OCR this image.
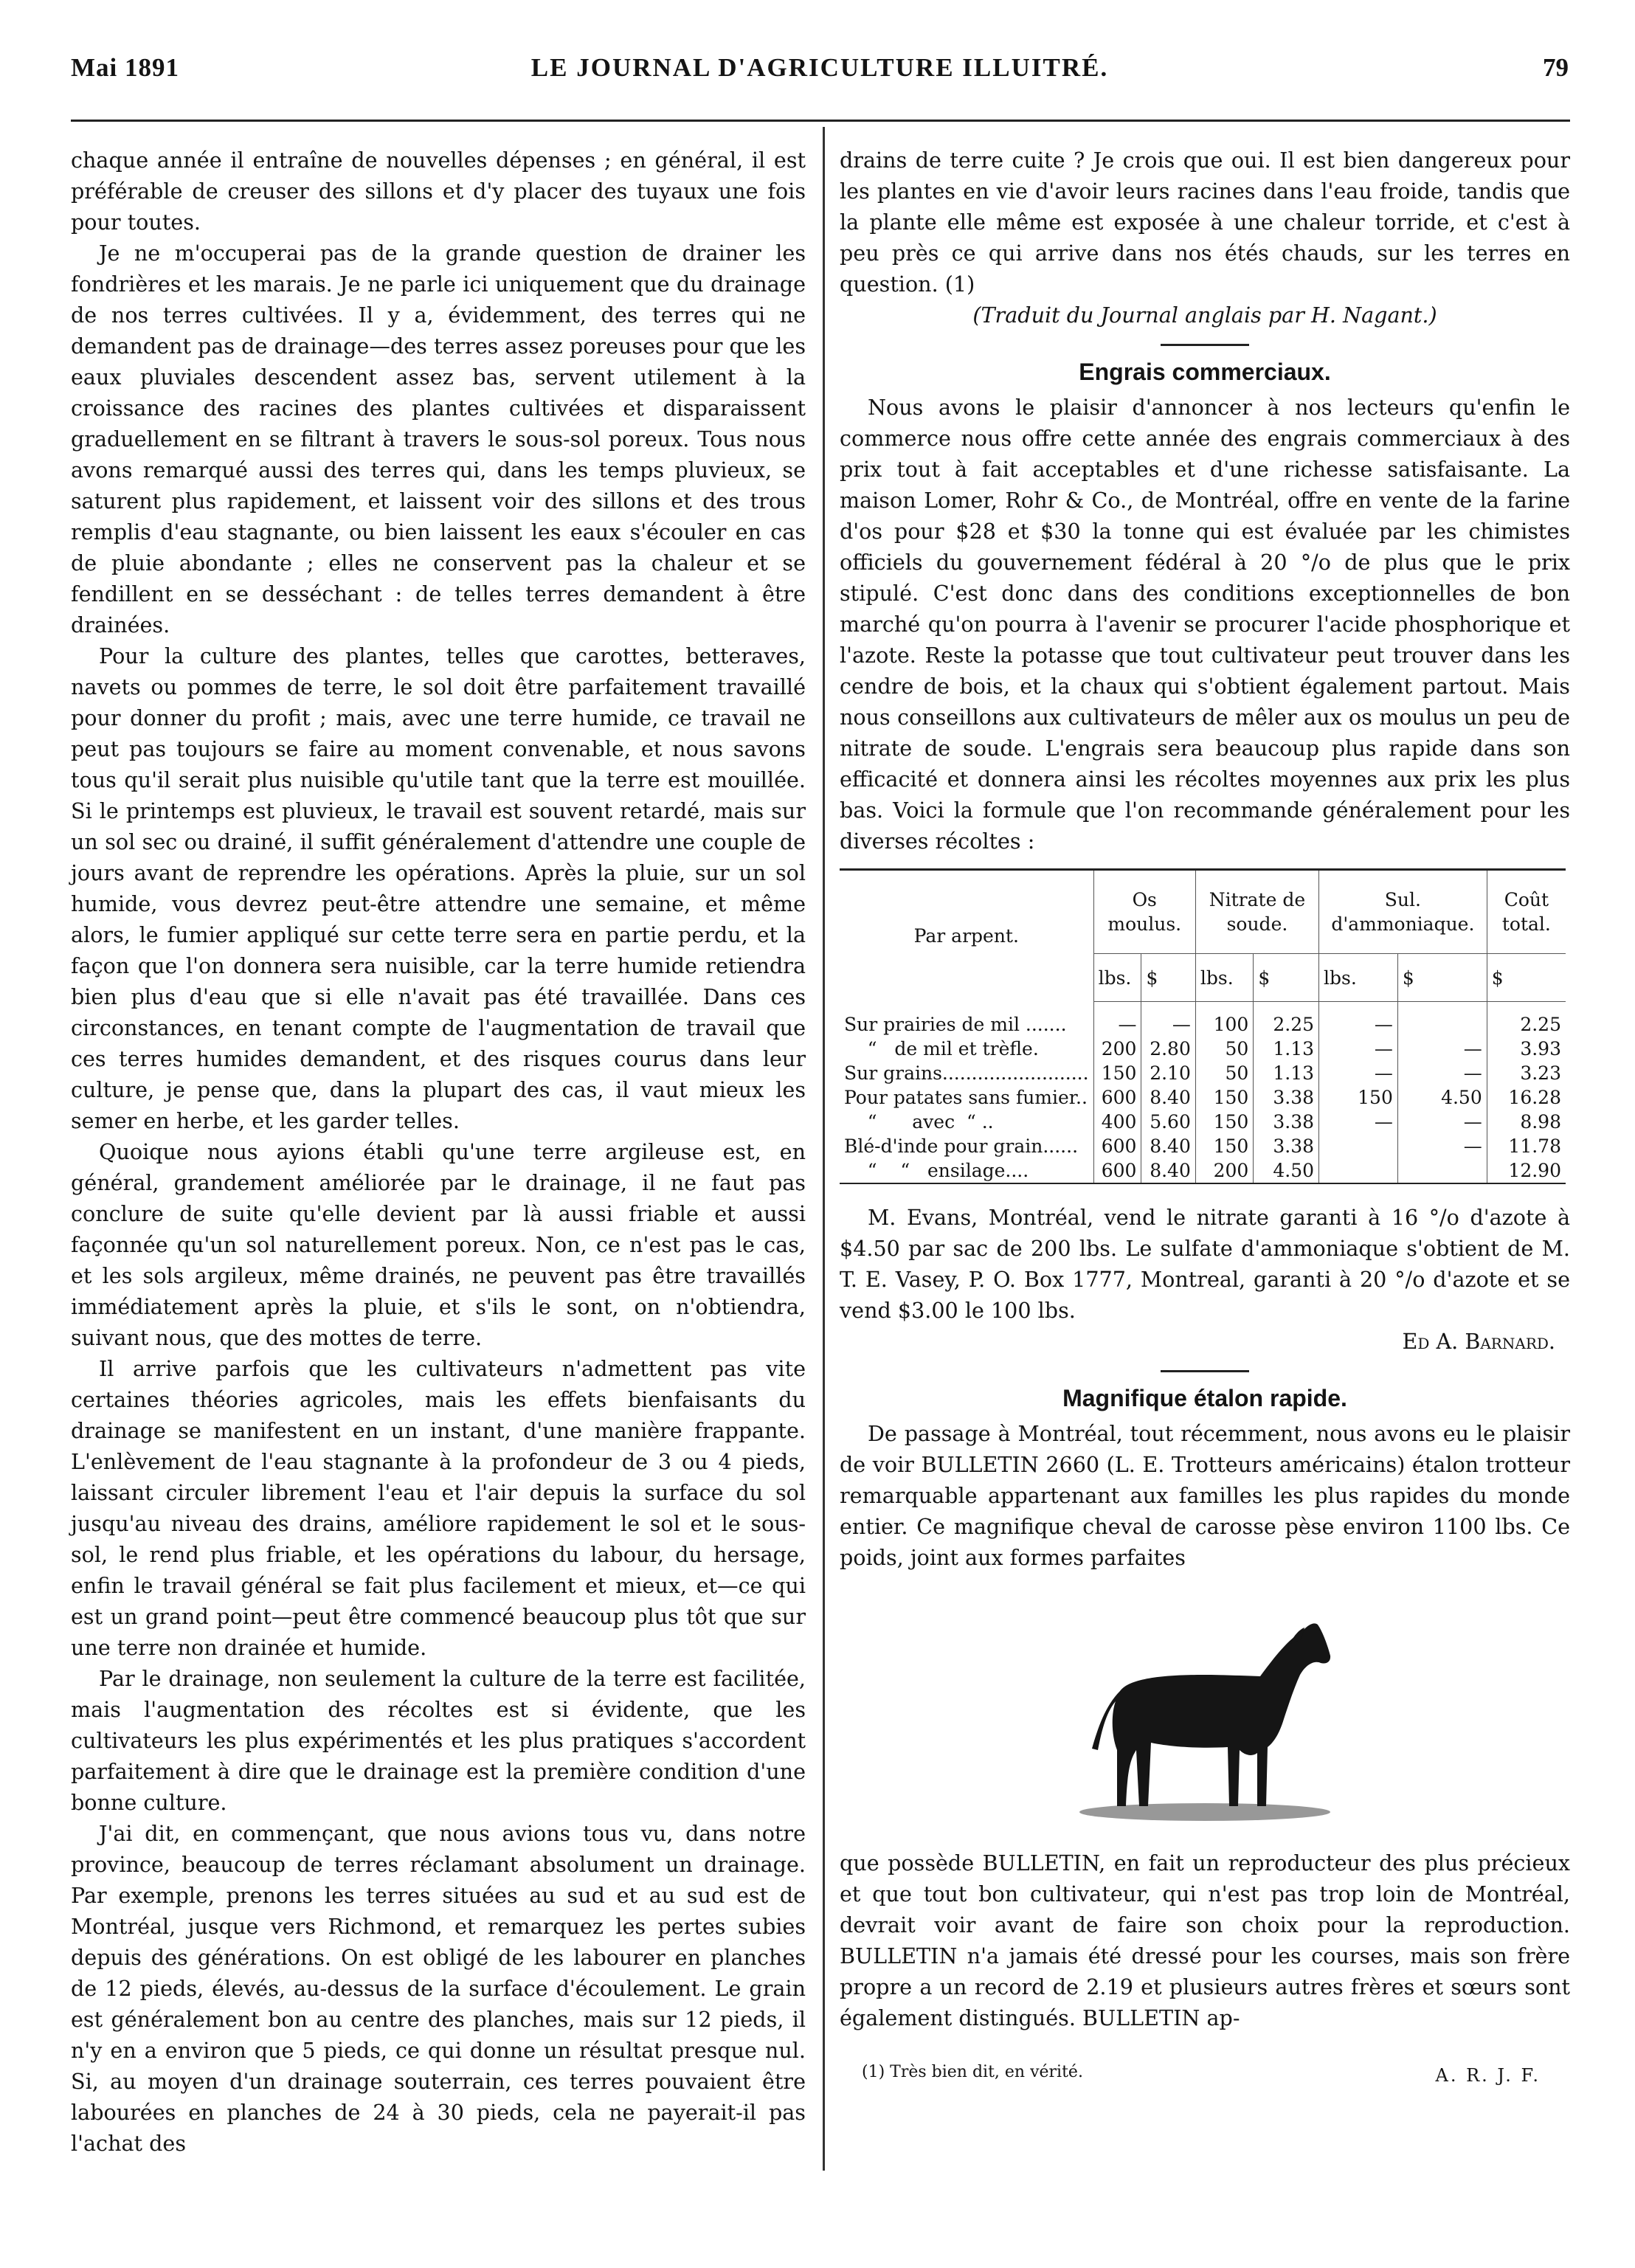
Mai 1891	LE JOURNAL D'AGRICULTURE ILLUITRÉ.	79

chaque année il entraîne de nouvelles dépenses ; en général, il est préférable de creuser des sillons et d'y placer des tuyaux une fois pour toutes.

Je ne m'occuperai pas de la grande question de drainer les fondrières et les marais. Je ne parle ici uniquement que du drainage de nos terres cultivées. Il y a, évidemment, des terres qui ne demandent pas de drainage—des terres assez poreuses pour que les eaux pluviales descendent assez bas, servent utilement à la croissance des racines des plantes cultivées et disparaissent graduellement en se filtrant à travers le sous-sol poreux. Tous nous avons remarqué aussi des terres qui, dans les temps pluvieux, se saturent plus rapidement, et laissent voir des sillons et des trous remplis d'eau stagnante, ou bien laissent les eaux s'écouler en cas de pluie abondante ; elles ne conservent pas la chaleur et se fendillent en se desséchant : de telles terres demandent à être drainées.

Pour la culture des plantes, telles que carottes, betteraves, navets ou pommes de terre, le sol doit être parfaitement travaillé pour donner du profit ; mais, avec une terre humide, ce travail ne peut pas toujours se faire au moment convenable, et nous savons tous qu'il serait plus nuisible qu'utile tant que la terre est mouillée. Si le printemps est pluvieux, le travail est souvent retardé, mais sur un sol sec ou drainé, il suffit généralement d'attendre une couple de jours avant de reprendre les opérations. Après la pluie, sur un sol humide, vous devrez peut-être attendre une semaine, et même alors, le fumier appliqué sur cette terre sera en partie perdu, et la façon que l'on donnera sera nuisible, car la terre humide retiendra bien plus d'eau que si elle n'avait pas été travaillée. Dans ces circonstances, en tenant compte de l'augmentation de travail que ces terres humides demandent, et des risques courus dans leur culture, je pense que, dans la plupart des cas, il vaut mieux les semer en herbe, et les garder telles.

Quoique nous ayions établi qu'une terre argileuse est, en général, grandement améliorée par le drainage, il ne faut pas conclure de suite qu'elle devient par là aussi friable et aussi façonnée qu'un sol naturellement poreux. Non, ce n'est pas le cas, et les sols argileux, même drainés, ne peuvent pas être travaillés immédiatement après la pluie, et s'ils le sont, on n'obtiendra, suivant nous, que des mottes de terre.

Il arrive parfois que les cultivateurs n'admettent pas vite certaines théories agricoles, mais les effets bienfaisants du drainage se manifestent en un instant, d'une manière frappante. L'enlèvement de l'eau stagnante à la profondeur de 3 ou 4 pieds, laissant circuler librement l'eau et l'air depuis la surface du sol jusqu'au niveau des drains, améliore rapidement le sol et le sous-sol, le rend plus friable, et les opérations du labour, du hersage, enfin le travail général se fait plus facilement et mieux, et—ce qui est un grand point—peut être commencé beaucoup plus tôt que sur une terre non drainée et humide.

Par le drainage, non seulement la culture de la terre est facilitée, mais l'augmentation des récoltes est si évidente, que les cultivateurs les plus expérimentés et les plus pratiques s'accordent parfaitement à dire que le drainage est la première condition d'une bonne culture.

J'ai dit, en commençant, que nous avions tous vu, dans notre province, beaucoup de terres réclamant absolument un drainage. Par exemple, prenons les terres situées au sud et au sud est de Montréal, jusque vers Richmond, et remarquez les pertes subies depuis des générations. On est obligé de les labourer en planches de 12 pieds, élevés, au-dessus de la surface d'écoulement. Le grain est généralement bon au centre des planches, mais sur 12 pieds, il n'y en a environ que 5 pieds, ce qui donne un résultat presque nul. Si, au moyen d'un drainage souterrain, ces terres pouvaient être labourées en planches de 24 à 30 pieds, cela ne payerait-il pas l'achat des

drains de terre cuite ? Je crois que oui. Il est bien dangereux pour les plantes en vie d'avoir leurs racines dans l'eau froide, tandis que la plante elle même est exposée à une chaleur torride, et c'est à peu près ce qui arrive dans nos étés chauds, sur les terres en question. (1)

(Traduit du Journal anglais par H. Nagant.)

Engrais commerciaux.

Nous avons le plaisir d'annoncer à nos lecteurs qu'enfin le commerce nous offre cette année des engrais commerciaux à des prix tout à fait acceptables et d'une richesse satisfaisante. La maison Lomer, Rohr & Co., de Montréal, offre en vente de la farine d'os pour $28 et $30 la tonne qui est évaluée par les chimistes officiels du gouvernement fédéral à 20 °/o de plus que le prix stipulé. C'est donc dans des conditions exceptionnelles de bon marché qu'on pourra à l'avenir se procurer l'acide phosphorique et l'azote. Reste la potasse que tout cultivateur peut trouver dans les cendre de bois, et la chaux qui s'obtient également partout. Mais nous conseillons aux cultivateurs de mêler aux os moulus un peu de nitrate de soude. L'engrais sera beaucoup plus rapide dans son efficacité et donnera ainsi les récoltes moyennes aux prix les plus bas. Voici la formule que l'on recommande généralement pour les diverses récoltes :

Par arpent.	Os moulus.		Nitrate de soude.		Sul. d'ammoniaque.		Coût total.
	lbs.	$	lbs.	$	lbs.	$	$
Sur prairies de mil .......	—	—	100	2.25	—		2.25
“   de mil et trèfle.	200	2.80	50	1.13	—	—	3.93
Sur grains.........................	150	2.10	50	1.13	—	—	3.23
Pour patates sans fumier..	600	8.40	150	3.38	150	4.50	16.28
“      avec  “ ..	400	5.60	150	3.38	—	—	8.98
Blé-d'inde pour grain......	600	8.40	150	3.38		—	11.78
“    “   ensilage....	600	8.40	200	4.50			12.90

M. Evans, Montréal, vend le nitrate garanti à 16 °/o d'azote à $4.50 par sac de 200 lbs. Le sulfate d'ammoniaque s'obtient de M. T. E. Vasey, P. O. Box 1777, Montreal, garanti à 20 °/o d'azote et se vend $3.00 le 100 lbs.

Ed A. Barnard.

Magnifique étalon rapide.

De passage à Montréal, tout récemment, nous avons eu le plaisir de voir BULLETIN 2660 (L. E. Trotteurs américains) étalon trotteur remarquable appartenant aux familles les plus rapides du monde entier. Ce magnifique cheval de carosse pèse environ 1100 lbs. Ce poids, joint aux formes parfaites

que possède BULLETIN, en fait un reproducteur des plus précieux et que tout bon cultivateur, qui n'est pas trop loin de Montréal, devrait voir avant de faire son choix pour la reproduction. BULLETIN n'a jamais été dressé pour les courses, mais son frère propre a un record de 2.19 et plusieurs autres frères et sœurs sont également distingués. BULLETIN ap-

(1) Très bien dit, en vérité.	A. R. J. F.
